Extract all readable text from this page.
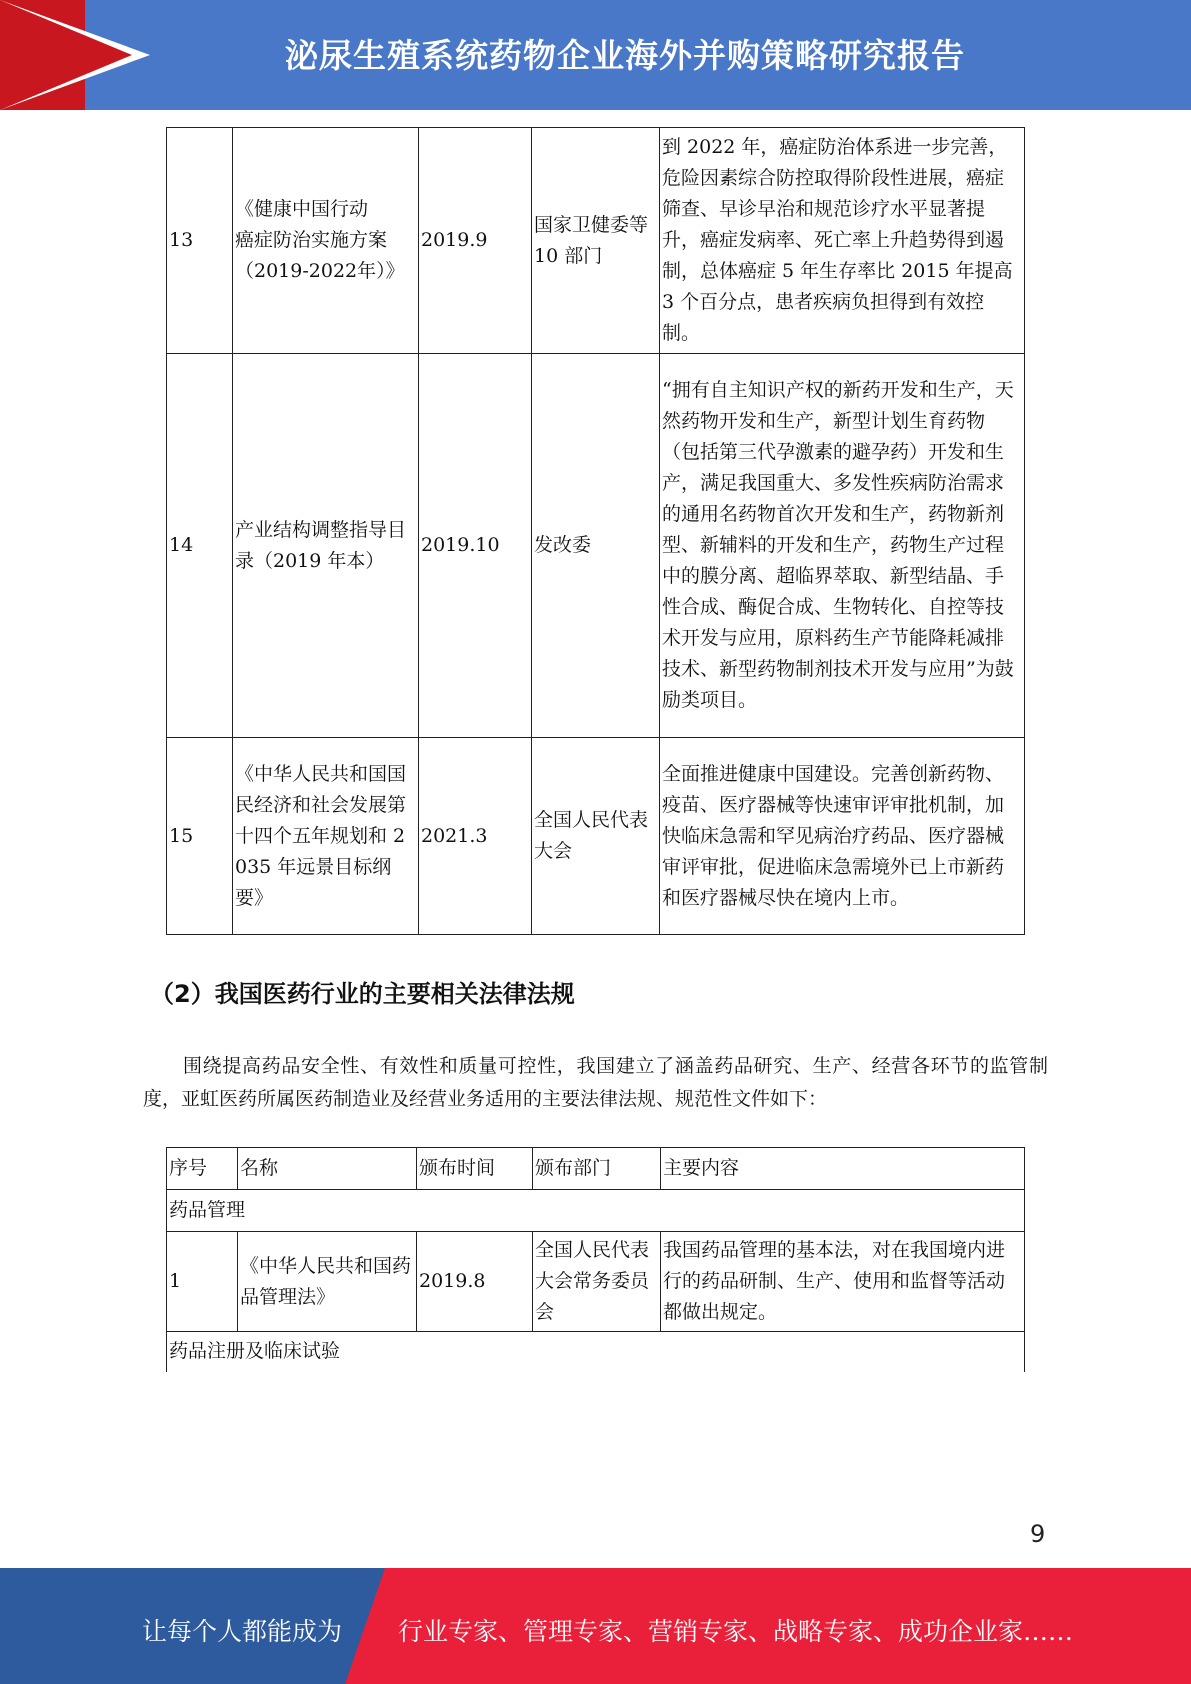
泌尿生殖系统药物企业海外并购策略研究报告
13	《健康中国行动　　癌症防治实施方案（2019-2022年）》	2019.9	国家卫健委等 10 部门	到 2022 年，癌症防治体系进一步完善，危险因素综合防控取得阶段性进展，癌症筛查、早诊早治和规范诊疗水平显著提升，癌症发病率、死亡率上升趋势得到遏制，总体癌症 5 年生存率比 2015 年提高 3 个百分点，患者疾病负担得到有效控制。
14	产业结构调整指导目录（2019 年本）	2019.10	发改委	“拥有自主知识产权的新药开发和生产，天然药物开发和生产，新型计划生育药物（包括第三代孕激素的避孕药）开发和生产，满足我国重大、多发性疾病防治需求的通用名药物首次开发和生产，药物新剂型、新辅料的开发和生产，药物生产过程中的膜分离、超临界萃取、新型结晶、手性合成、酶促合成、生物转化、自控等技术开发与应用，原料药生产节能降耗减排技术、新型药物制剂技术开发与应用”为鼓励类项目。
15	《中华人民共和国国民经济和社会发展第十四个五年规划和 2035 年远景目标纲要》	2021.3	全国人民代表大会	全面推进健康中国建设。完善创新药物、疫苗、医疗器械等快速审评审批机制，加快临床急需和罕见病治疗药品、医疗器械审评审批，促进临床急需境外已上市新药和医疗器械尽快在境内上市。
（2）我国医药行业的主要相关法律法规
围绕提高药品安全性、有效性和质量可控性，我国建立了涵盖药品研究、生产、经营各环节的监管制度，亚虹医药所属医药制造业及经营业务适用的主要法律法规、规范性文件如下：
序号	名称	颁布时间	颁布部门	主要内容
药品管理				
1	《中华人民共和国药品管理法》	2019.8	全国人民代表大会常务委员会	我国药品管理的基本法，对在我国境内进行的药品研制、生产、使用和监督等活动都做出规定。
药品注册及临床试验				
9
让每个人都能成为 行业专家、管理专家、营销专家、战略专家、成功企业家……
